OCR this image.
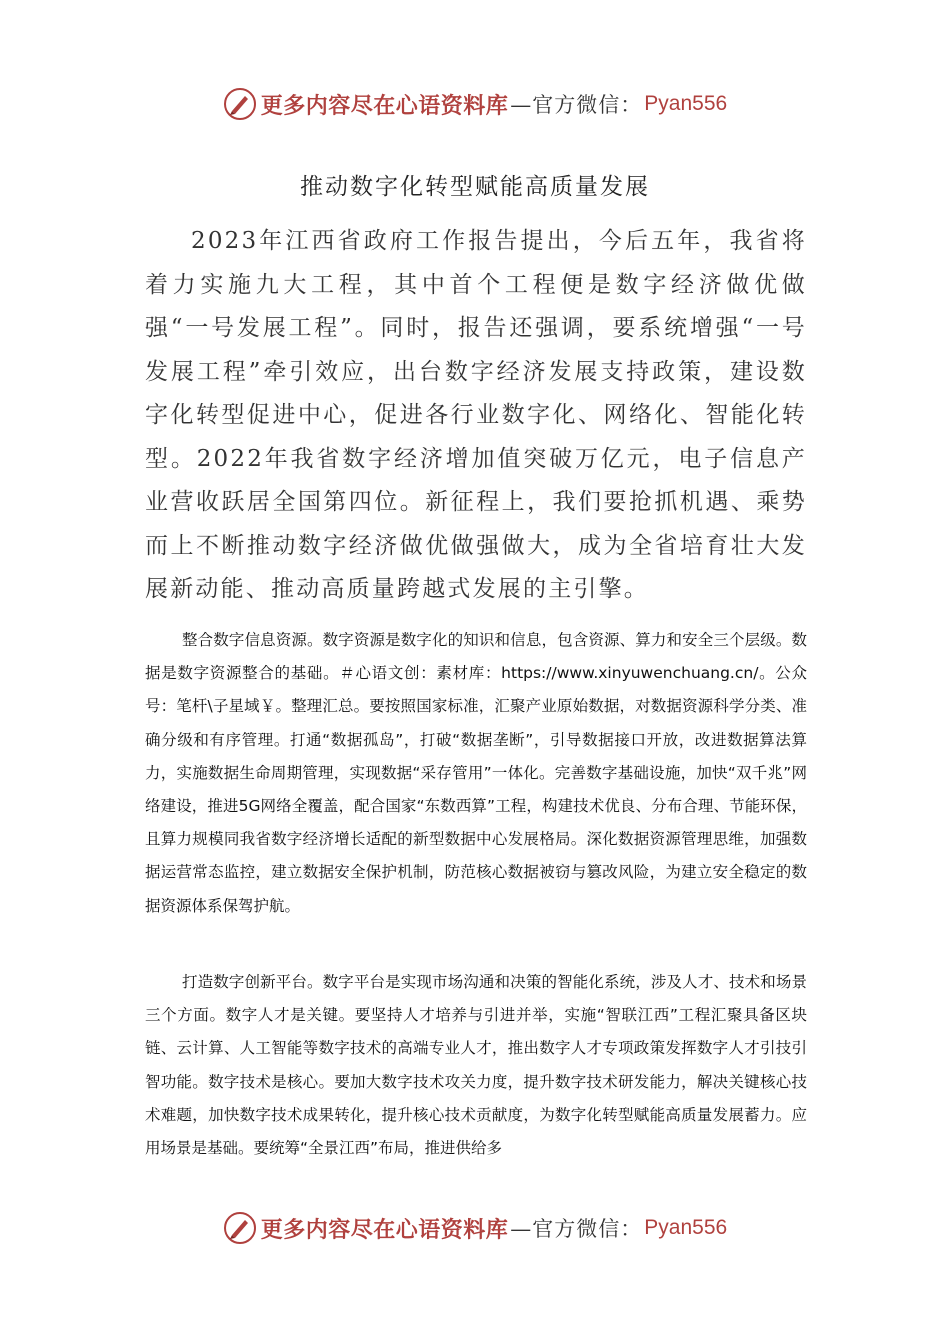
更多内容尽在心语资料库 —官方微信： Pyan556
推动数字化转型赋能高质量发展

2023年江西省政府工作报告提出，今后五年，我省将着力实施九大工程，其中首个工程便是数字经济做优做强“一号发展工程”。同时，报告还强调，要系统增强“一号发展工程”牵引效应，出台数字经济发展支持政策，建设数字化转型促进中心，促进各行业数字化、网络化、智能化转型。2022年我省数字经济增加值突破万亿元，电子信息产业营收跃居全国第四位。新征程上，我们要抢抓机遇、乘势而上不断推动数字经济做优做强做大，成为全省培育壮大发展新动能、推动高质量跨越式发展的主引擎。

整合数字信息资源。数字资源是数字化的知识和信息，包含资源、算力和安全三个层级。数据是数字资源整合的基础。＃心语文创：素材库：https://www.xinyuwenchuang.cn/。公众号：笔杆\子星域￥。整理汇总。要按照国家标准，汇聚产业原始数据，对数据资源科学分类、准确分级和有序管理。打通“数据孤岛”，打破“数据垄断”，引导数据接口开放，改进数据算法算力，实施数据生命周期管理，实现数据“采存管用”一体化。完善数字基础设施，加快“双千兆”网络建设，推进5G网络全覆盖，配合国家“东数西算”工程，构建技术优良、分布合理、节能环保，且算力规模同我省数字经济增长适配的新型数据中心发展格局。深化数据资源管理思维，加强数据运营常态监控，建立数据安全保护机制，防范核心数据被窃与篡改风险，为建立安全稳定的数据资源体系保驾护航。

打造数字创新平台。数字平台是实现市场沟通和决策的智能化系统，涉及人才、技术和场景三个方面。数字人才是关键。要坚持人才培养与引进并举，实施“智联江西”工程汇聚具备区块链、云计算、人工智能等数字技术的高端专业人才，推出数字人才专项政策发挥数字人才引技引智功能。数字技术是核心。要加大数字技术攻关力度，提升数字技术研发能力，解决关键核心技术难题，加快数字技术成果转化，提升核心技术贡献度，为数字化转型赋能高质量发展蓄力。应用场景是基础。要统筹“全景江西”布局，推进供给多

更多内容尽在心语资料库 —官方微信： Pyan556
